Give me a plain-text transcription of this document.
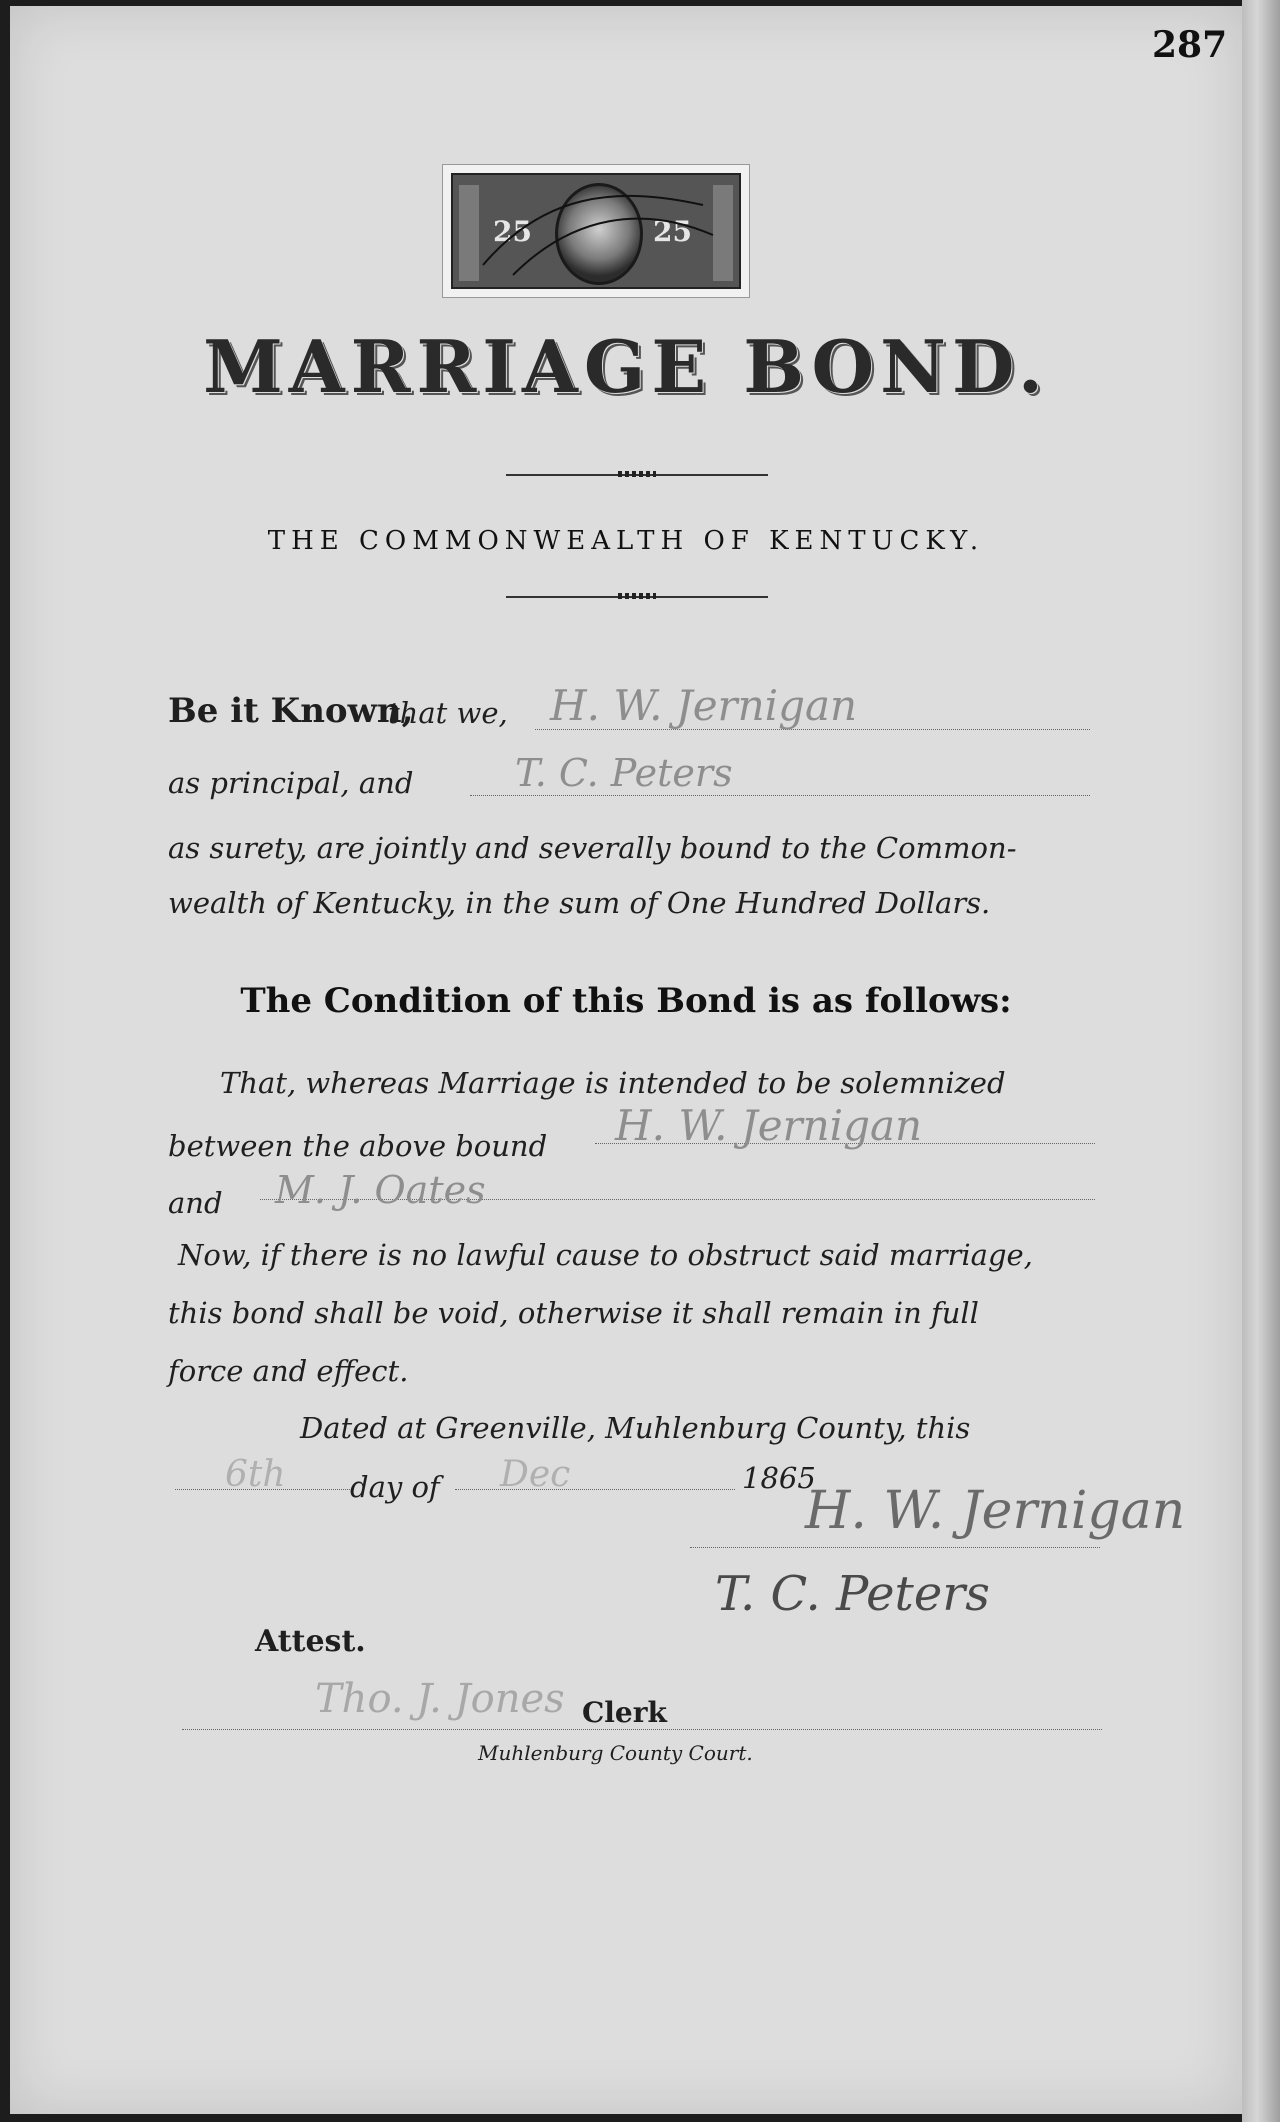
287
25	25
MARRIAGE BOND.
THE COMMONWEALTH OF KENTUCKY.
Be it Known,
that we, H. W. Jernigan
as principal, and	T. C. Peters
as surety, are jointly and severally bound to the Common-
wealth of Kentucky, in the sum of One Hundred Dollars.
The Condition of this Bond is as follows:
That, whereas Marriage is intended to be solemnized
between the above bound H. W. Jernigan
and M. J. Oates
Now, if there is no lawful cause to obstruct said marriage,
this bond shall be void, otherwise it shall remain in full
force and effect.
Dated at Greenville, Muhlenburg County, this
6th day of Dec	1865
H. W. Jernigan
T. C. Peters
Attest.
Tho. J. Jones Clerk
Muhlenburg County Court.
